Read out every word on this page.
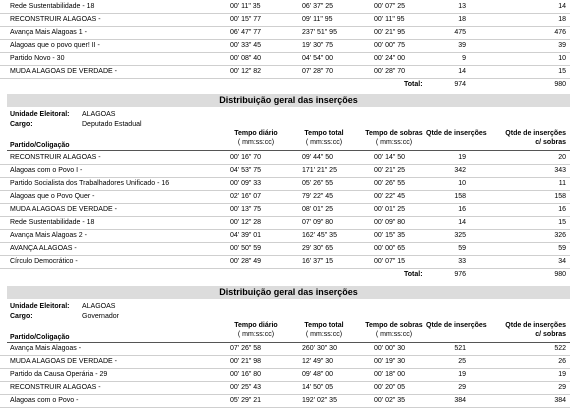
Rede Sustentabilidade - 18	00' 11" 35	06' 37" 25	00' 07" 25	13	14
RECONSTRUIR ALAGOAS -	00' 15" 77	09' 11" 95	00' 11" 95	18	18
Avança Mais Alagoas 1 -	06' 47" 77	237' 51" 95	00' 21" 95	475	476
Alagoas que o povo quer! II -	00' 33" 45	19' 30" 75	00' 00" 75	39	39
Partido Novo - 30	00' 08" 40	04' 54" 00	00' 24" 00	9	10
MUDA ALAGOAS DE VERDADE -	00' 12" 82	07' 28" 70	00' 28" 70	14	15
Total:	974	980
Distribuição geral das inserções
Unidade Eleitoral: ALAGOAS
Cargo:	Deputado Estadual
Tempo diário
( mm:ss:cc)
Tempo total
( mm:ss:cc)
Tempo de sobras
( mm:ss:cc)
Qtde de inserções	Qtde de inserções
c/ sobras
Partido/Coligação
RECONSTRUIR ALAGOAS -	00' 16" 70	09' 44" 50	00' 14" 50	19	20
Alagoas com o Povo I -	04' 53" 75	171' 21" 25	00' 21" 25	342	343
Partido Socialista dos Trabalhadores Unificado - 16	00' 09" 33	05' 26" 55	00' 26" 55	10	11
Alagoas que o Povo Quer -	02' 16" 07	79' 22" 45	00' 22" 45	158	158
MUDA ALAGOAS DE VERDADE -	00' 13" 75	08' 01" 25	00' 01" 25	16	16
Rede Sustentabilidade - 18	00' 12" 28	07' 09" 80	00' 09" 80	14	15
Avança Mais Alagoas 2 -	04' 39" 01	162' 45" 35	00' 15" 35	325	326
AVANÇA ALAGOAS -	00' 50" 59	29' 30" 65	00' 00" 65	59	59
Círculo Democrático -	00' 28" 49	16' 37" 15	00' 07" 15	33	34
Total:	976	980
Distribuição geral das inserções
Unidade Eleitoral: ALAGOAS
Cargo:	Governador
Tempo diário
( mm:ss:cc)
Tempo total
( mm:ss:cc)
Tempo de sobras
( mm:ss:cc)
Qtde de inserções	Qtde de inserções
c/ sobras
Partido/Coligação
Avança Mais Alagoas -	07' 26" 58	260' 30" 30	00' 00" 30	521	522
MUDA ALAGOAS DE VERDADE -	00' 21" 98	12' 49" 30	00' 19" 30	25	26
Partido da Causa Operária - 29	00' 16" 80	09' 48" 00	00' 18" 00	19	19
RECONSTRUIR ALAGOAS -	00' 25" 43	14' 50" 05	00' 20" 05	29	29
Alagoas com o Povo -	05' 29" 21	192' 02" 35	00' 02" 35	384	384
